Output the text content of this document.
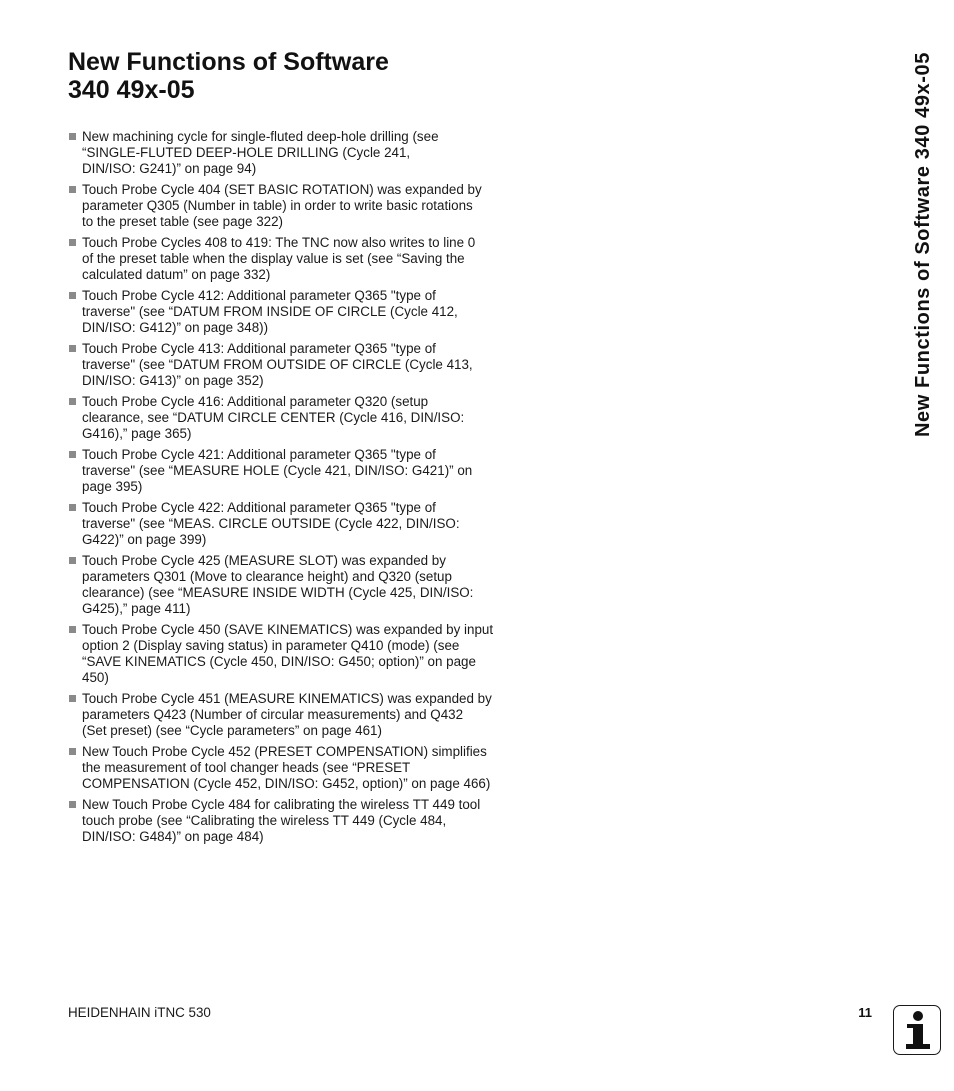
New Functions of Software
340 49x-05
New machining cycle for single-fluted deep-hole drilling (see
“SINGLE-FLUTED DEEP-HOLE DRILLING (Cycle 241,
DIN/ISO: G241)” on page 94)
Touch Probe Cycle 404 (SET BASIC ROTATION) was expanded by
parameter Q305 (Number in table) in order to write basic rotations
to the preset table (see page 322)
Touch Probe Cycles 408 to 419: The TNC now also writes to line 0
of the preset table when the display value is set (see “Saving the
calculated datum” on page 332)
Touch Probe Cycle 412: Additional parameter Q365 "type of
traverse" (see “DATUM FROM INSIDE OF CIRCLE (Cycle 412,
DIN/ISO: G412)” on page 348))
Touch Probe Cycle 413: Additional parameter Q365 "type of
traverse" (see “DATUM FROM OUTSIDE OF CIRCLE (Cycle 413,
DIN/ISO: G413)” on page 352)
Touch Probe Cycle 416: Additional parameter Q320 (setup
clearance, see “DATUM CIRCLE CENTER (Cycle 416, DIN/ISO:
G416),” page 365)
Touch Probe Cycle 421: Additional parameter Q365 "type of
traverse" (see “MEASURE HOLE (Cycle 421, DIN/ISO: G421)” on
page 395)
Touch Probe Cycle 422: Additional parameter Q365 "type of
traverse" (see “MEAS. CIRCLE OUTSIDE (Cycle 422, DIN/ISO:
G422)” on page 399)
Touch Probe Cycle 425 (MEASURE SLOT) was expanded by
parameters Q301 (Move to clearance height) and Q320 (setup
clearance) (see “MEASURE INSIDE WIDTH (Cycle 425, DIN/ISO:
G425),” page 411)
Touch Probe Cycle 450 (SAVE KINEMATICS) was expanded by input
option 2 (Display saving status) in parameter Q410 (mode) (see
“SAVE KINEMATICS (Cycle 450, DIN/ISO: G450; option)” on page
450)
Touch Probe Cycle 451 (MEASURE KINEMATICS) was expanded by
parameters Q423 (Number of circular measurements) and Q432
(Set preset) (see “Cycle parameters” on page 461)
New Touch Probe Cycle 452 (PRESET COMPENSATION) simplifies
the measurement of tool changer heads (see “PRESET
COMPENSATION (Cycle 452, DIN/ISO: G452, option)” on page 466)
New Touch Probe Cycle 484 for calibrating the wireless TT 449 tool
touch probe (see “Calibrating the wireless TT 449 (Cycle 484,
DIN/ISO: G484)” on page 484)
New Functions of Software 340 49x-05
HEIDENHAIN iTNC 530	11
